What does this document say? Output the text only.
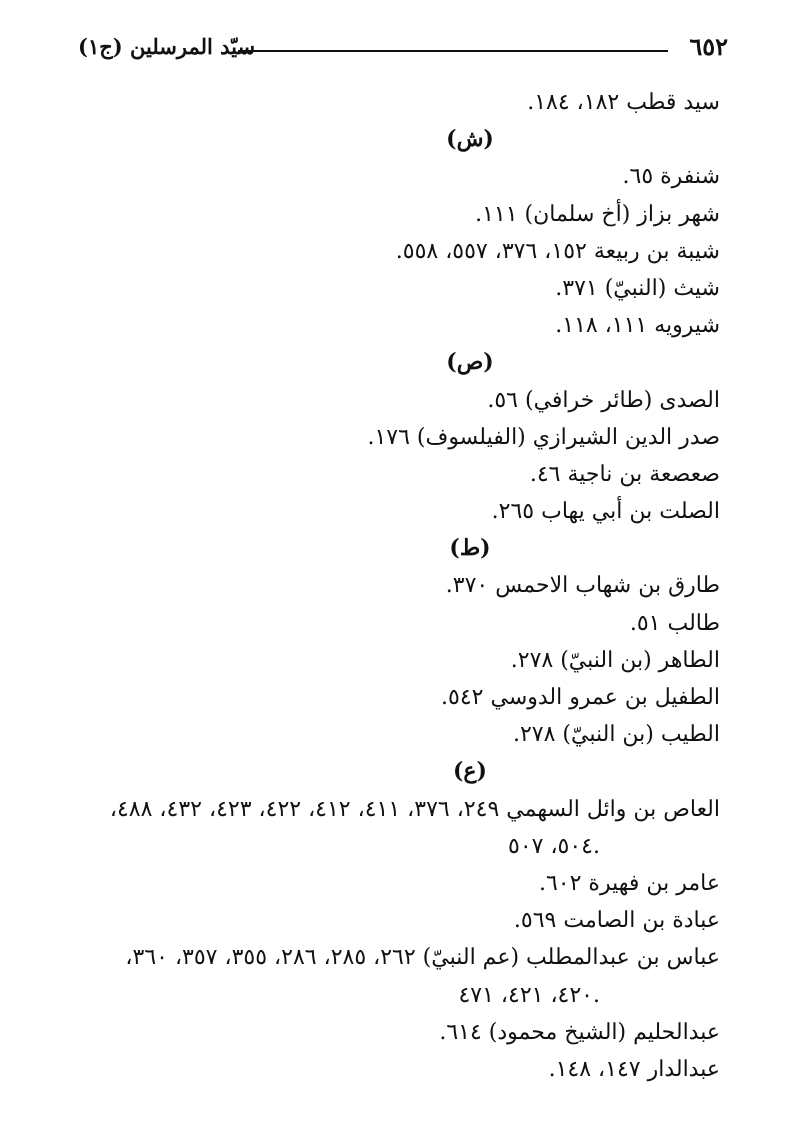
٦٥٢
سيّد المرسلين (ج١)
سيد قطب ١٨٢، ١٨٤.
(ش)
شنفرة ٦٥.
شهر بزاز (أخ سلمان) ١١١.
شيبة بن ربيعة ١٥٢، ٣٧٦، ٥٥٧، ٥٥٨.
شيث (النبيّ) ٣٧١.
شيرويه ١١١، ١١٨.
(ص)
الصدى (طائر خرافي) ٥٦.
صدر الدين الشيرازي (الفيلسوف) ١٧٦.
صعصعة بن ناجية ٤٦.
الصلت بن أبي يهاب ٢٦٥.
(ط)
طارق بن شهاب الاحمس ٣٧٠.
طالب ٥١.
الطاهر (بن النبيّ) ٢٧٨.
الطفيل بن عمرو الدوسي ٥٤٢.
الطيب (بن النبيّ) ٢٧٨.
(ع)
العاص بن وائل السهمي ٢٤٩، ٣٧٦، ٤١١، ٤١٢، ٤٢٢، ٤٢٣، ٤٣٢، ٤٨٨،
٥٠٤، ٥٠٧.
عامر بن فهيرة ٦٠٢.
عبادة بن الصامت ٥٦٩.
عباس بن عبدالمطلب (عم النبيّ) ٢٦٢، ٢٨٥، ٢٨٦، ٣٥٥، ٣٥٧، ٣٦٠،
٤٢٠، ٤٢١، ٤٧١.
عبدالحليم (الشيخ محمود) ٦١٤.
عبدالدار ١٤٧، ١٤٨.
